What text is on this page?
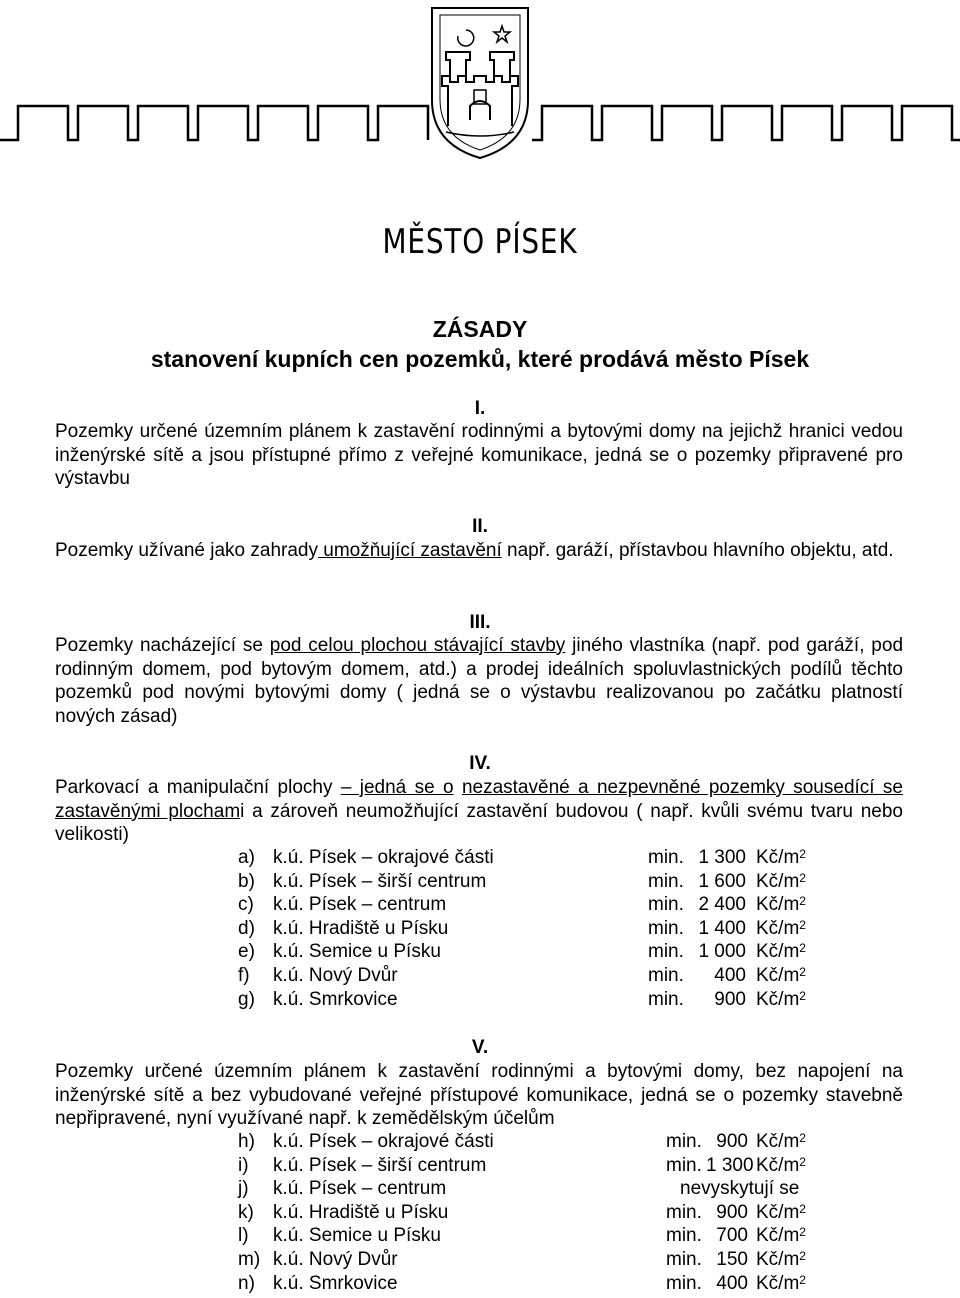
MĚSTO PÍSEK
ZÁSADY
stanovení kupních cen pozemků, které prodává město Písek
I.
Pozemky určené územním plánem k zastavění rodinnými a bytovými domy na jejichž hranici vedou inženýrské sítě a jsou přístupné přímo z veřejné komunikace, jedná se o pozemky připravené pro výstavbu
II.
Pozemky užívané jako zahrady umožňující zastavění např. garáží, přístavbou hlavního objektu, atd.
III.
Pozemky nacházející se pod celou plochou stávající stavby jiného vlastníka (např. pod garáží, pod rodinným domem, pod bytovým domem, atd.) a prodej ideálních spoluvlastnických podílů těchto pozemků pod novými bytovými domy ( jedná se o výstavbu realizovanou po začátku platností nových zásad)
IV.
Parkovací a manipulační plochy – jedná se o nezastavěné a nezpevněné pozemky sousedící se zastavěnými plochami a zároveň neumožňující zastavění budovou ( např. kvůli svému tvaru nebo velikosti)
a) k.ú. Písek – okrajové části	min. 1 300 $Kč/m^2$
b) k.ú. Písek – širší centrum	min. 1 600 $Kč/m^2$
c) k.ú. Písek – centrum	min. 2 400 $Kč/m^2$
d) k.ú. Hradiště u Písku	min. 1 400 $Kč/m^2$
e) k.ú. Semice u Písku	min. 1 000 $Kč/m^2$
f) k.ú. Nový Dvůr	min.	400 $Kč/m^2$
g) k.ú. Smrkovice	min.	900 $Kč/m^2$
V.
Pozemky určené územním plánem k zastavění rodinnými a bytovými domy, bez napojení na inženýrské sítě a bez vybudované veřejné přístupové komunikace, jedná se o pozemky stavebně nepřipravené, nyní využívané např. k zemědělským účelům
h) k.ú. Písek – okrajové části	min. 900 $Kč/m^2$
i) k.ú. Písek – širší centrum	min. 1 300 $Kč/m^2$
j) k.ú. Písek – centrum	nevyskytují se
k) k.ú. Hradiště u Písku	min. 900 $Kč/m^2$
l) k.ú. Semice u Písku	min. 700 $Kč/m^2$
m) k.ú. Nový Dvůr	min. 150 $Kč/m^2$
n) k.ú. Smrkovice	min. 400 $Kč/m^2$
